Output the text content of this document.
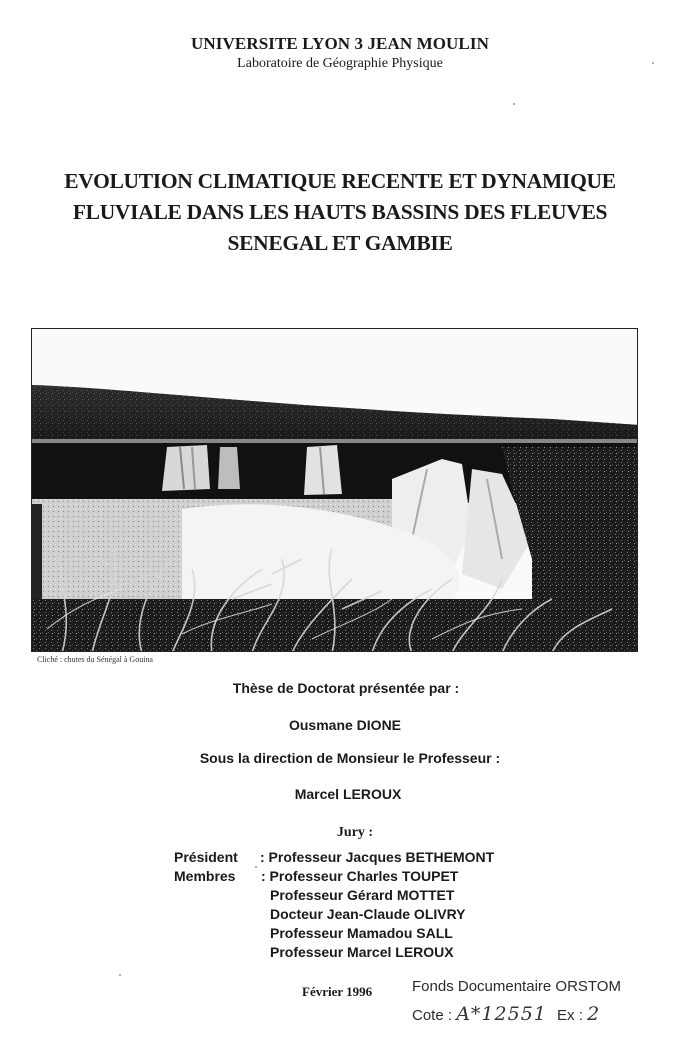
UNIVERSITE LYON 3 JEAN MOULIN
Laboratoire de Géographie Physique
EVOLUTION CLIMATIQUE RECENTE ET DYNAMIQUE
FLUVIALE DANS LES HAUTS BASSINS DES FLEUVES
SENEGAL ET GAMBIE
Cliché : chutes du Sénégal à Gouina
Thèse de Doctorat présentée par :
Ousmane DIONE
Sous la direction de Monsieur le Professeur :
Marcel LEROUX
Jury :
Président
Membres
: Professeur Jacques BETHEMONT
: Professeur Charles TOUPET
Professeur Gérard MOTTET
Docteur Jean-Claude OLIVRY
Professeur Mamadou SALL
Professeur Marcel LEROUX
Février 1996	Fonds Documentaire ORSTOM
Cote : A*12551 Ex : 2
